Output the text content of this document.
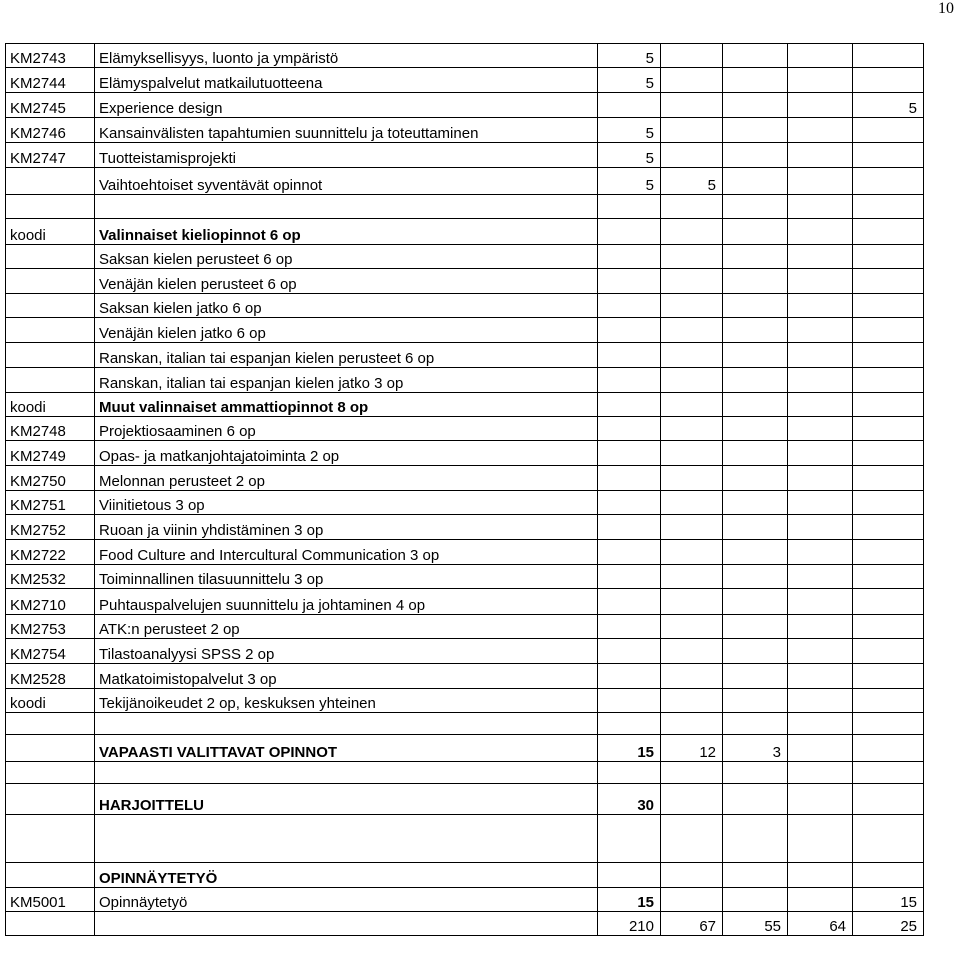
10
KM2743	Elämyksellisyys, luonto ja ympäristö	5				
KM2744	Elämyspalvelut matkailutuotteena	5				
KM2745	Experience design					5
KM2746	Kansainvälisten tapahtumien suunnittelu ja toteuttaminen	5				
KM2747	Tuotteistamisprojekti	5				
	Vaihtoehtoiset syventävät opinnot	5	5			

koodi	Valinnaiset kieliopinnot 6 op					
	Saksan kielen perusteet 6 op					
	Venäjän kielen perusteet 6 op					
	Saksan kielen jatko 6 op					
	Venäjän kielen jatko 6 op					
	Ranskan, italian tai espanjan kielen perusteet 6 op					
	Ranskan, italian tai espanjan kielen jatko 3 op					
koodi	Muut valinnaiset ammattiopinnot 8 op					
KM2748	Projektiosaaminen 6 op					
KM2749	Opas- ja matkanjohtajatoiminta 2 op					
KM2750	Melonnan perusteet 2 op					
KM2751	Viinitietous 3 op					
KM2752	Ruoan ja viinin yhdistäminen 3 op					
KM2722	Food Culture and Intercultural Communication 3 op					
KM2532	Toiminnallinen tilasuunnittelu 3 op					
KM2710	Puhtauspalvelujen suunnittelu ja johtaminen 4 op					
KM2753	ATK:n perusteet 2 op					
KM2754	Tilastoanalyysi SPSS 2 op					
KM2528	Matkatoimistopalvelut 3 op					
koodi	Tekijänoikeudet 2 op, keskuksen yhteinen					

	VAPAASTI VALITTAVAT OPINNOT	15	12	3		

	HARJOITTELU	30				

	OPINNÄYTETYÖ					
KM5001	Opinnäytetyö	15				15
		210	67	55	64	25
